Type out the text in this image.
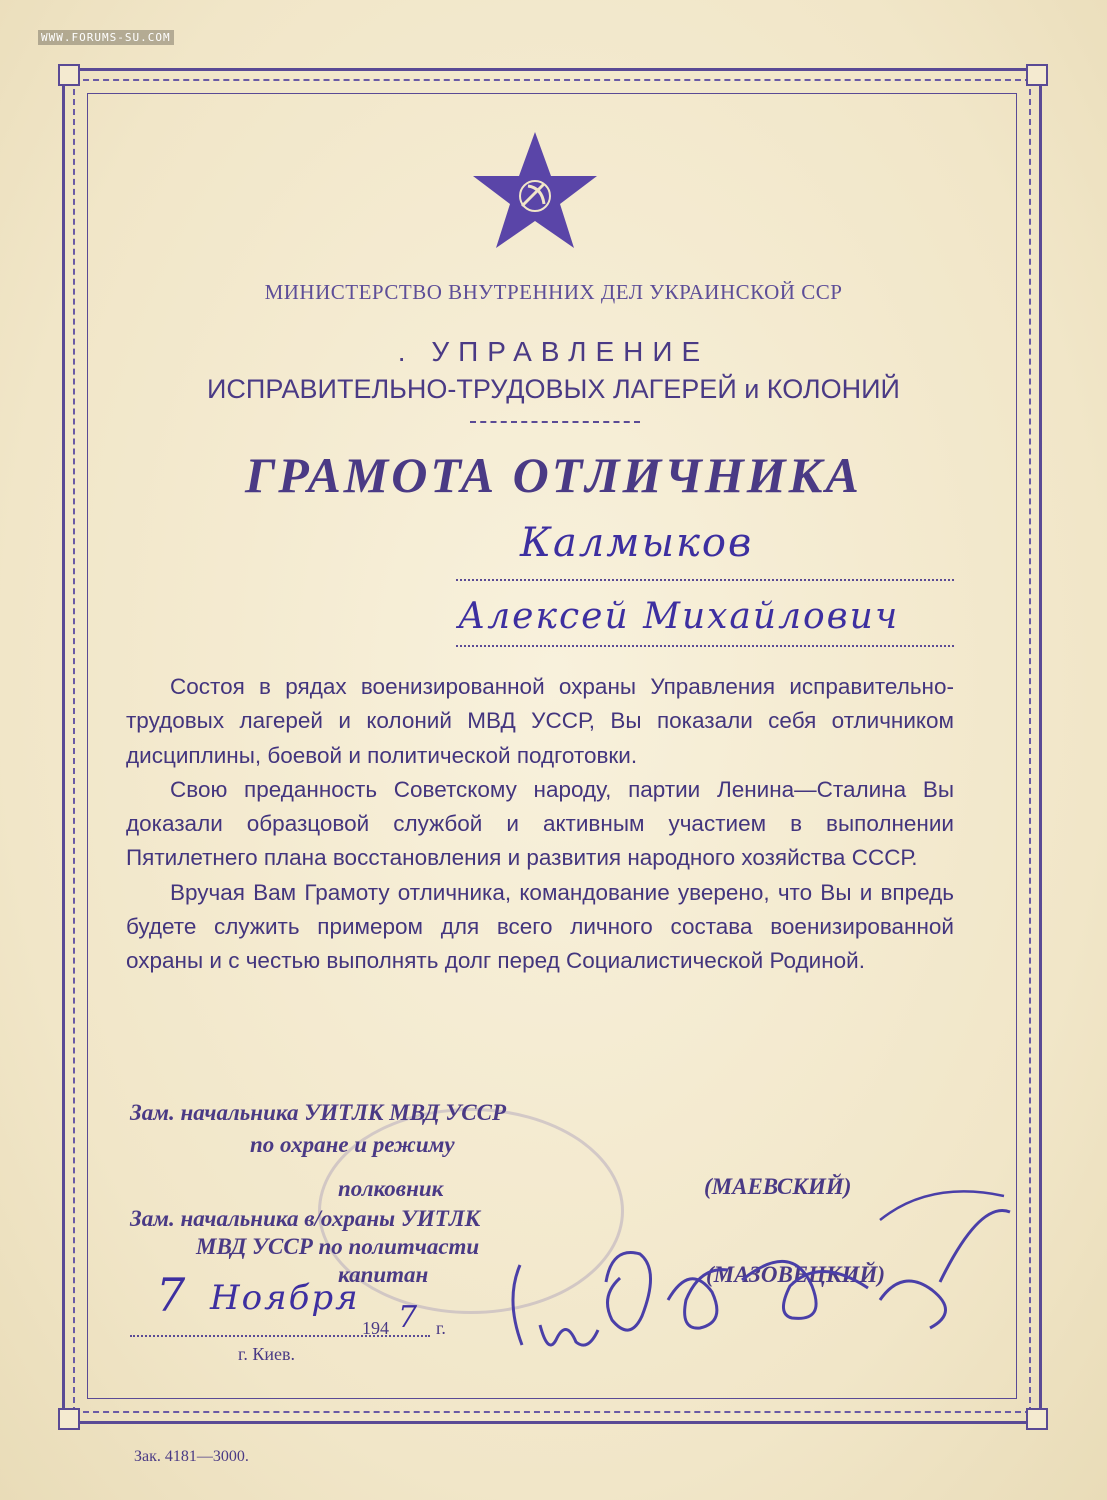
WWW.FORUMS-SU.COM
МИНИСТЕРСТВО ВНУТРЕННИХ ДЕЛ УКРАИНСКОЙ ССР
. УПРАВЛЕНИЕ
ИСПРАВИТЕЛЬНО-ТРУДОВЫХ ЛАГЕРЕЙ и КОЛОНИЙ
ГРАМОТА ОТЛИЧНИКА
Калмыков
Алексей Михайлович

Состоя в рядах военизированной охраны Управления исправительно-трудовых лагерей и колоний МВД УССР, Вы показали себя отличником дисциплины, боевой и политической подготовки.

Свою преданность Советскому народу, партии Ленина—Сталина Вы доказали образцовой службой и активным участием в выполнении Пятилетнего плана восстановления и развития народного хозяйства СССР.

Вручая Вам Грамоту отличника, командование уверено, что Вы и впредь будете служить примером для всего личного состава военизированной охраны и с честью выполнять долг перед Социалистической Родиной.

Зам. начальника УИТЛК МВД УССР
по охране и режиму
полковник	(МАЕВСКИЙ)
Зам. начальника в/охраны УИТЛК
МВД УССР по политчасти
капитан	(МАЗОВЕЦКИЙ)
7 Ноября
194 7 г.
г. Киев.
Зак. 4181—3000.
